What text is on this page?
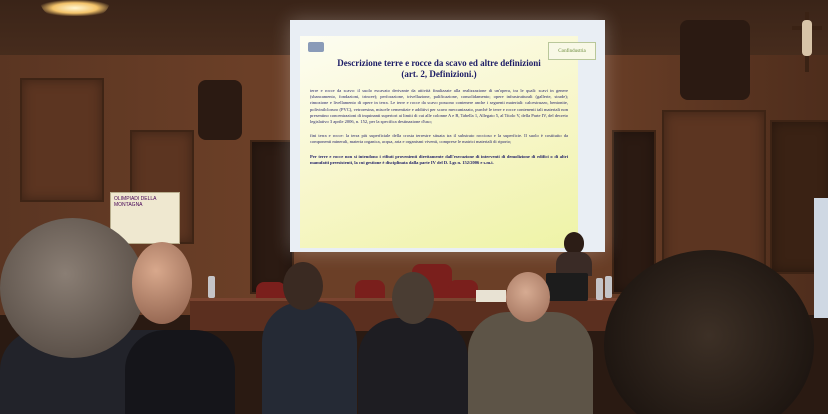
Confindustria
Descrizione terre e rocce da scavo ed altre definizioni
(art. 2, Definizioni.)
terre e rocce da scavo: il suolo escavato derivante da attività finalizzate alla realizzazione di un'opera, tra le quali: scavi in genere (sbancamento, fondazioni, trincee); perforazione, trivellazione, palificazione, consolidamento; opere infrastrutturali (gallerie, strade); rimozione e livellamento di opere in terra. Le terre e rocce da scavo possono contenere anche i seguenti materiali: calcestruzzo, bentonite, polivinilcloruro (PVC), vetroresina, miscele cementizie e additivi per scavo meccanizzato, purché le terre e rocce contenenti tali materiali non presentino concentrazioni di inquinanti superiori ai limiti di cui alle colonne A e B, Tabella 1, Allegato 5, al Titolo V, della Parte IV, del decreto legislativo 3 aprile 2006, n. 152, per la specifica destinazione d'uso;
fini terra e rocce: la terra più superficiale della crosta terrestre situata tra il substrato roccioso e la superficie. Il suolo è costituito da componenti minerali, materia organica, acqua, aria e organismi viventi, comprese le matrici materiali di riporto;
Per terre e rocce non si intendono i rifiuti provenienti direttamente dall'esecuzione di interventi di demolizione di edifici o di altri manufatti preesistenti, la cui gestione è disciplinata dalla parte IV del D. Lgs n. 152/2006 e s.m.i.
OLIMPIADI DELLA MONTAGNA
